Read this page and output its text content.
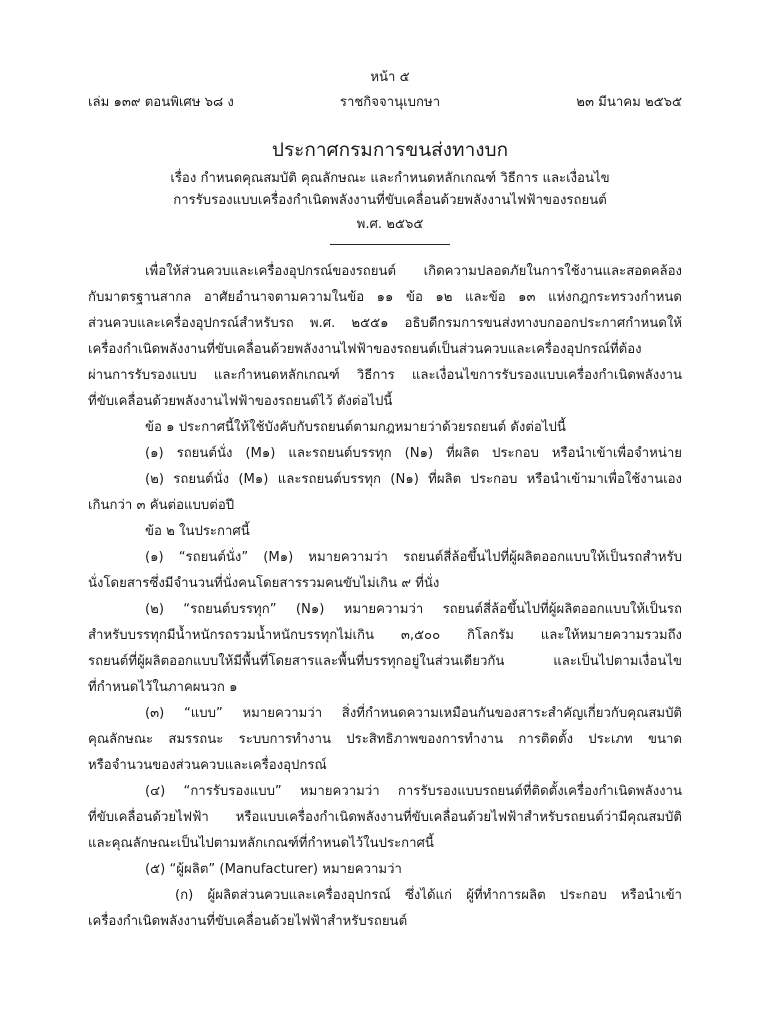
หน้า ๕

เล่ม ๑๓๙ ตอนพิเศษ ๖๘ ง	ราชกิจจานุเบกษา	๒๓ มีนาคม ๒๕๖๕

ประกาศกรมการขนส่งทางบก

เรื่อง กำหนดคุณสมบัติ คุณลักษณะ และกำหนดหลักเกณฑ์ วิธีการ และเงื่อนไข

การรับรองแบบเครื่องกำเนิดพลังงานที่ขับเคลื่อนด้วยพลังงานไฟฟ้าของรถยนต์

พ.ศ. ๒๕๖๕

เพื่อให้ส่วนควบและเครื่องอุปกรณ์ของรถยนต์ เกิดความปลอดภัยในการใช้งานและสอดคล้อง

กับมาตรฐานสากล อาศัยอำนาจตามความในข้อ ๑๑ ข้อ ๑๒ และข้อ ๑๓ แห่งกฎกระทรวงกำหนด

ส่วนควบและเครื่องอุปกรณ์สำหรับรถ พ.ศ. ๒๕๕๑ อธิบดีกรมการขนส่งทางบกออกประกาศกำหนดให้

เครื่องกำเนิดพลังงานที่ขับเคลื่อนด้วยพลังงานไฟฟ้าของรถยนต์เป็นส่วนควบและเครื่องอุปกรณ์ที่ต้อง

ผ่านการรับรองแบบ และกำหนดหลักเกณฑ์ วิธีการ และเงื่อนไขการรับรองแบบเครื่องกำเนิดพลังงาน

ที่ขับเคลื่อนด้วยพลังงานไฟฟ้าของรถยนต์ไว้ ดังต่อไปนี้

ข้อ ๑ ประกาศนี้ให้ใช้บังคับกับรถยนต์ตามกฎหมายว่าด้วยรถยนต์ ดังต่อไปนี้

(๑) รถยนต์นั่ง (M๑) และรถยนต์บรรทุก (N๑) ที่ผลิต ประกอบ หรือนำเข้าเพื่อจำหน่าย

(๒) รถยนต์นั่ง (M๑) และรถยนต์บรรทุก (N๑) ที่ผลิต ประกอบ หรือนำเข้ามาเพื่อใช้งานเอง

เกินกว่า ๓ คันต่อแบบต่อปี

ข้อ ๒ ในประกาศนี้

(๑) “รถยนต์นั่ง” (M๑) หมายความว่า รถยนต์สี่ล้อขึ้นไปที่ผู้ผลิตออกแบบให้เป็นรถสำหรับ

นั่งโดยสารซึ่งมีจำนวนที่นั่งคนโดยสารรวมคนขับไม่เกิน ๙ ที่นั่ง

(๒) “รถยนต์บรรทุก” (N๑) หมายความว่า รถยนต์สี่ล้อขึ้นไปที่ผู้ผลิตออกแบบให้เป็นรถ

สำหรับบรรทุกมีน้ำหนักรถรวมน้ำหนักบรรทุกไม่เกิน ๓,๕๐๐ กิโลกรัม และให้หมายความรวมถึง

รถยนต์ที่ผู้ผลิตออกแบบให้มีพื้นที่โดยสารและพื้นที่บรรทุกอยู่ในส่วนเดียวกัน และเป็นไปตามเงื่อนไข

ที่กำหนดไว้ในภาคผนวก ๑

(๓) “แบบ” หมายความว่า สิ่งที่กำหนดความเหมือนกันของสาระสำคัญเกี่ยวกับคุณสมบัติ

คุณลักษณะ สมรรถนะ ระบบการทำงาน ประสิทธิภาพของการทำงาน การติดตั้ง ประเภท ขนาด

หรือจำนวนของส่วนควบและเครื่องอุปกรณ์

(๔) “การรับรองแบบ” หมายความว่า การรับรองแบบรถยนต์ที่ติดตั้งเครื่องกำเนิดพลังงาน

ที่ขับเคลื่อนด้วยไฟฟ้า หรือแบบเครื่องกำเนิดพลังงานที่ขับเคลื่อนด้วยไฟฟ้าสำหรับรถยนต์ว่ามีคุณสมบัติ

และคุณลักษณะเป็นไปตามหลักเกณฑ์ที่กำหนดไว้ในประกาศนี้

(๕) “ผู้ผลิต” (Manufacturer) หมายความว่า

(ก) ผู้ผลิตส่วนควบและเครื่องอุปกรณ์ ซึ่งได้แก่ ผู้ที่ทำการผลิต ประกอบ หรือนำเข้า

เครื่องกำเนิดพลังงานที่ขับเคลื่อนด้วยไฟฟ้าสำหรับรถยนต์
